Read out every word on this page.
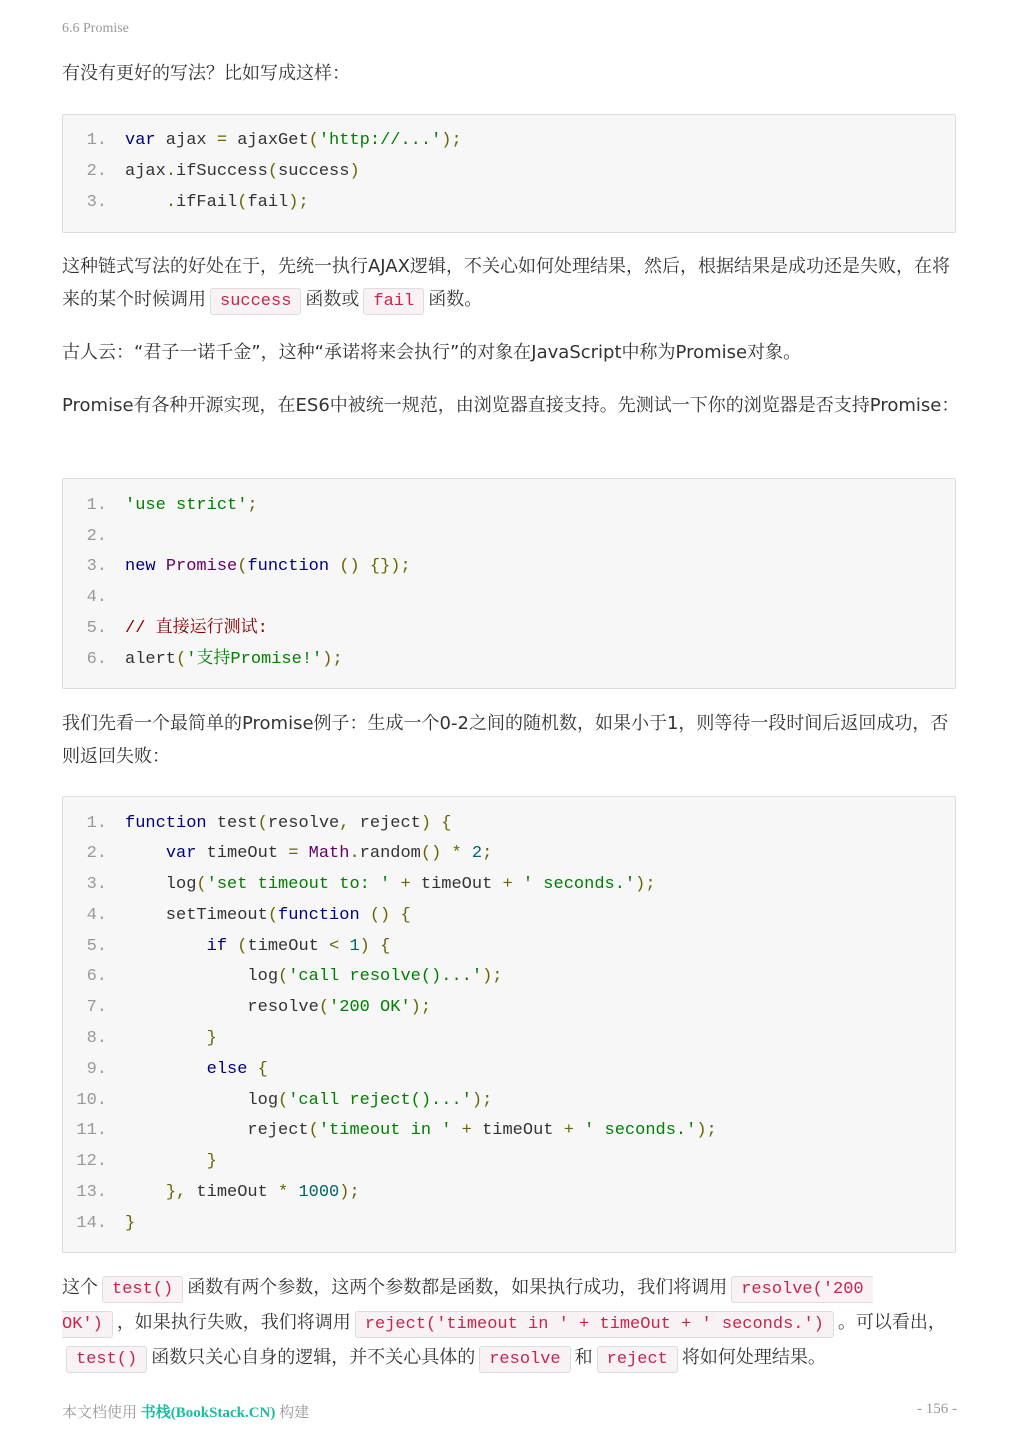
6.6 Promise
有没有更好的写法？比如写成这样：
1. var ajax = ajaxGet('http://...');
2. ajax.ifSuccess(success)
3.	.ifFail(fail);
这种链式写法的好处在于，先统一执行AJAX逻辑，不关心如何处理结果，然后，根据结果是成功还是失败，在将来的某个时候调用 success 函数或 fail 函数。
古人云：“君子一诺千金”，这种“承诺将来会执行”的对象在JavaScript中称为Promise对象。
Promise有各种开源实现，在ES6中被统一规范，由浏览器直接支持。先测试一下你的浏览器是否支持Promise：
1. 'use strict';
2.
3. new Promise(function () {});
4.
5. // 直接运行测试:
6. alert('支持Promise!');
我们先看一个最简单的Promise例子：生成一个0-2之间的随机数，如果小于1，则等待一段时间后返回成功，否则返回失败：
1. function test(resolve, reject) {
2.	var timeOut = Math.random() * 2;
3. log('set timeout to: ' + timeOut + ' seconds.');
4. setTimeout(function () {
5.	if (timeOut < 1) {
6. log('call resolve()...');
7. resolve('200 OK');
8.	}
9.	else {
10. log('call reject()...');
11. reject('timeout in ' + timeOut + ' seconds.');
12.	}
13.	}, timeOut * 1000);
14. }
这个 test() 函数有两个参数，这两个参数都是函数，如果执行成功，我们将调用 resolve('200
OK') ，如果执行失败，我们将调用 reject('timeout in ' + timeOut + ' seconds.') 。可以看出，test() 函数只关心自身的逻辑，并不关心具体的 resolve 和 reject 将如何处理结果。
本文档使用 书栈(BookStack.CN) 构建	- 156 -
